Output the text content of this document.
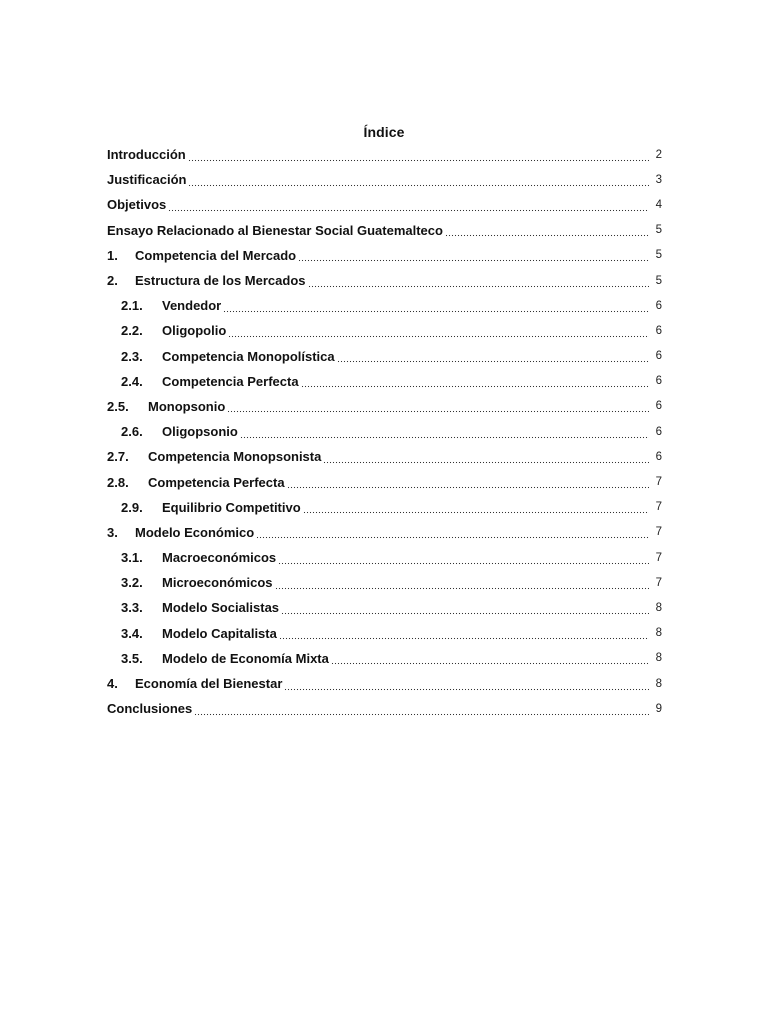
Índice
Introducción	2
Justificación	3
Objetivos	4
Ensayo Relacionado al Bienestar Social Guatemalteco	5
1.	Competencia del Mercado	5
2.	Estructura de los Mercados	5
2.1.	Vendedor	6
2.2.	Oligopolio	6
2.3.	Competencia Monopolística	6
2.4.	Competencia Perfecta	6
2.5.	Monopsonio	6
2.6.	Oligopsonio	6
2.7.	Competencia Monopsonista	6
2.8.	Competencia Perfecta	7
2.9.	Equilibrio Competitivo	7
3.	Modelo Económico	7
3.1.	Macroeconómicos	7
3.2.	Microeconómicos	7
3.3.	Modelo Socialistas	8
3.4.	Modelo Capitalista	8
3.5.	Modelo de Economía Mixta	8
4.	Economía del Bienestar	8
Conclusiones	9
